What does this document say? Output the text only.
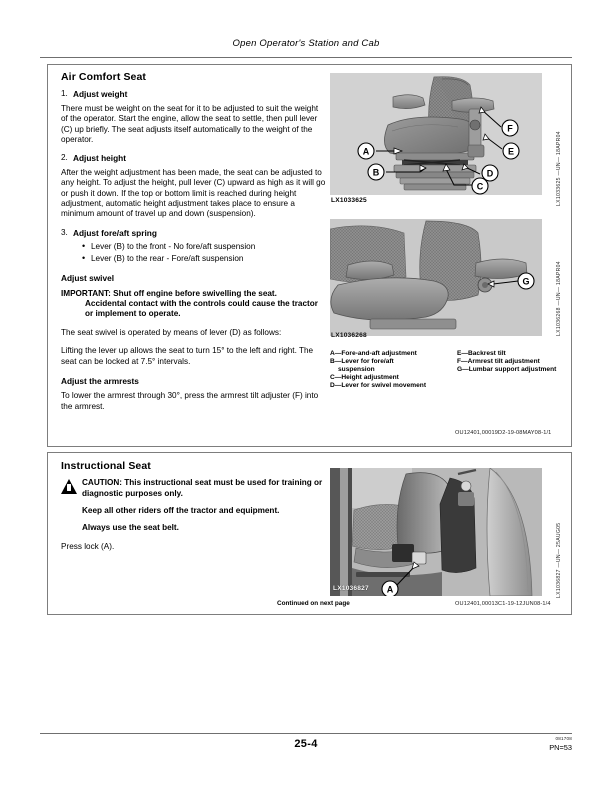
Open Operator's Station and Cab
Air Comfort Seat
1. Adjust weight

There must be weight on the seat for it to be adjusted to suit the weight of the operator. Start the engine, allow the seat to settle, then pull lever (C) up briefly. The seat adjusts itself automatically to the weight of the operator.

2. Adjust height

After the weight adjustment has been made, the seat can be adjusted to any height. To adjust the height, pull lever (C) upward as high as it will go or push it down. If the top or bottom limit is reached during height adjustment, automatic height adjustment takes place to ensure a minimum amount of travel up and down (suspension).

3. Adjust fore/aft spring
• Lever (B) to the front - No fore/aft suspension
• Lever (B) to the rear - Fore/aft suspension
Adjust swivel

IMPORTANT: Shut off engine before swivelling the seat.
Accidental contact with the controls could cause the tractor or implement to operate.

The seat swivel is operated by means of lever (D) as follows:

Lifting the lever up allows the seat to turn 15° to the left and right. The seat can be locked at 7.5° intervals.

Adjust the armrests

To lower the armrest through 30°, press the armrest tilt adjuster (F) into the armrest.

A
B
C
D
E
F
LX1033625	LX1033625 —UN— 18APR04
G
LX1036268	LX1036268 —UN— 18APR04
A—Fore-and-aft adjustment
B—Lever for fore/aft
suspension
C—Height adjustment
D—Lever for swivel movement
E—Backrest tilt
F—Armrest tilt adjustment
G—Lumbar support adjustment
OU12401,00019D2-19-08MAY08-1/1
Instructional Seat
CAUTION: This instructional seat must be used for training or diagnostic purposes only.
Keep all other riders off the tractor and equipment.
Always use the seat belt.

Press lock (A).

A
LX1036827	LX1036827 —UN— 25AUG05
Continued on next page	OU12401,00013C1-19-12JUN08-1/4
25-4	081708
PN=53
